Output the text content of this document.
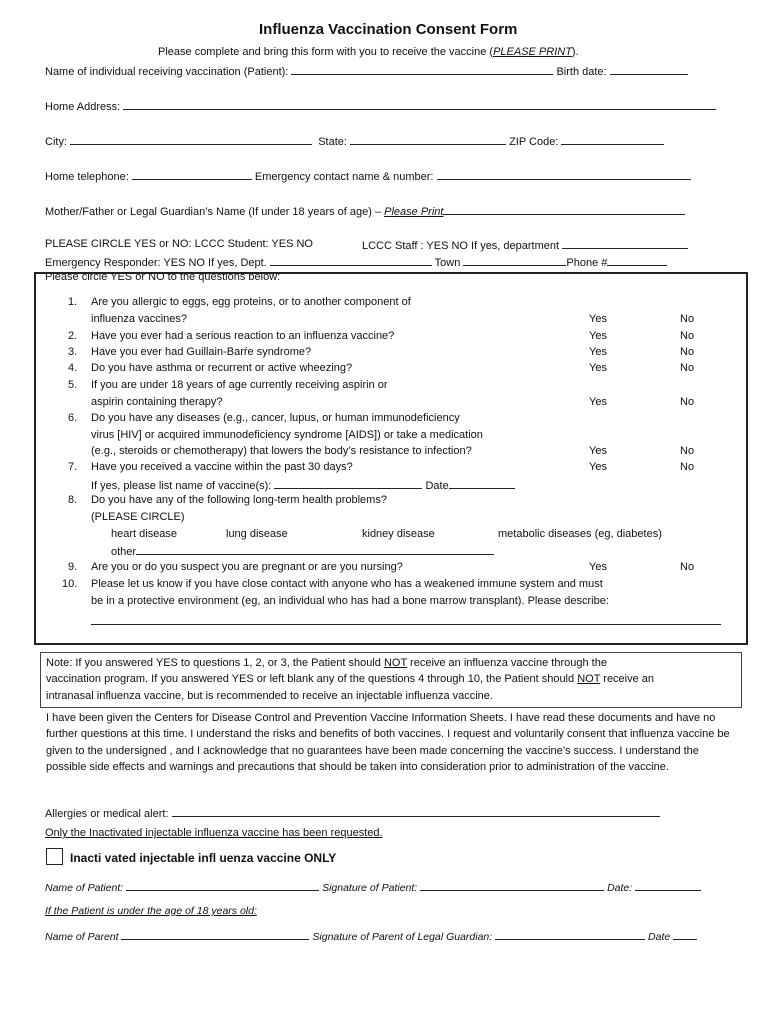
Influenza Vaccination Consent Form
Please complete and bring this form with you to receive the vaccine (PLEASE PRINT).
Name of individual receiving vaccination (Patient):	Birth date:
Home Address:
City:	State:	ZIP Code:
Home telephone:	Emergency contact name & number:
Mother/Father or Legal Guardian’s Name (If under 18 years of age) – Please Print
PLEASE CIRCLE YES or NO: LCCC Student: YES NO	LCCC Staff : YES NO If yes, department
Emergency Responder: YES NO If yes, Dept.	Town	Phone #
Please circle YES or NO to the questions below:
1. Are you allergic to eggs, egg proteins, or to another component of
influenza vaccines?	Yes	No
2. Have you ever had a serious reaction to an influenza vaccine?	Yes	No
3. Have you ever had Guillain-Barŕe syndrome?	Yes	No
4. Do you have asthma or recurrent or active wheezing?	Yes	No
5. If you are under 18 years of age currently receiving aspirin or
aspirin containing therapy?	Yes	No
6. Do you have any diseases (e.g., cancer, lupus, or human immunodeficiency
virus [HIV] or acquired immunodeficiency syndrome [AIDS]) or take a medication
(e.g., steroids or chemotherapy) that lowers the body’s resistance to infection?	Yes	No
7. Have you received a vaccine within the past 30 days?	Yes	No
If yes, please list name of vaccine(s):	Date
8. Do you have any of the following long-term health problems?
(PLEASE CIRCLE)
heart disease	lung disease	kidney disease	metabolic diseases (eg, diabetes)
other
9. Are you or do you suspect you are pregnant or are you nursing?	Yes	No
10. Please let us know if you have close contact with anyone who has a weakened immune system and must
be in a protective environment (eg, an individual who has had a bone marrow transplant). Please describe:
Note: If you answered YES to questions 1, 2, or 3, the Patient should NOT receive an influenza vaccine through the
vaccination program. If you answered YES or left blank any of the questions 4 through 10, the Patient should NOT receive an
intranasal influenza vaccine, but is recommended to receive an injectable influenza vaccine.
I have been given the Centers for Disease Control and Prevention Vaccine Information Sheets. I have read these documents and have no further questions at this time. I understand the risks and benefits of both vaccines. I request and voluntarily consent that influenza vaccine be given to the undersigned , and I acknowledge that no guarantees have been made concerning the vaccine’s success. I understand the possible side effects and warnings and precautions that should be taken into consideration prior to administration of the vaccine.
Allergies or medical alert:
Only the Inactivated injectable influenza vaccine has been requested.
Inacti vated injectable infl uenza vaccine ONLY
Name of Patient:	Signature of Patient:	Date:
If the Patient is under the age of 18 years old:
Name of Parent	Signature of Parent of Legal Guardian:	Date
